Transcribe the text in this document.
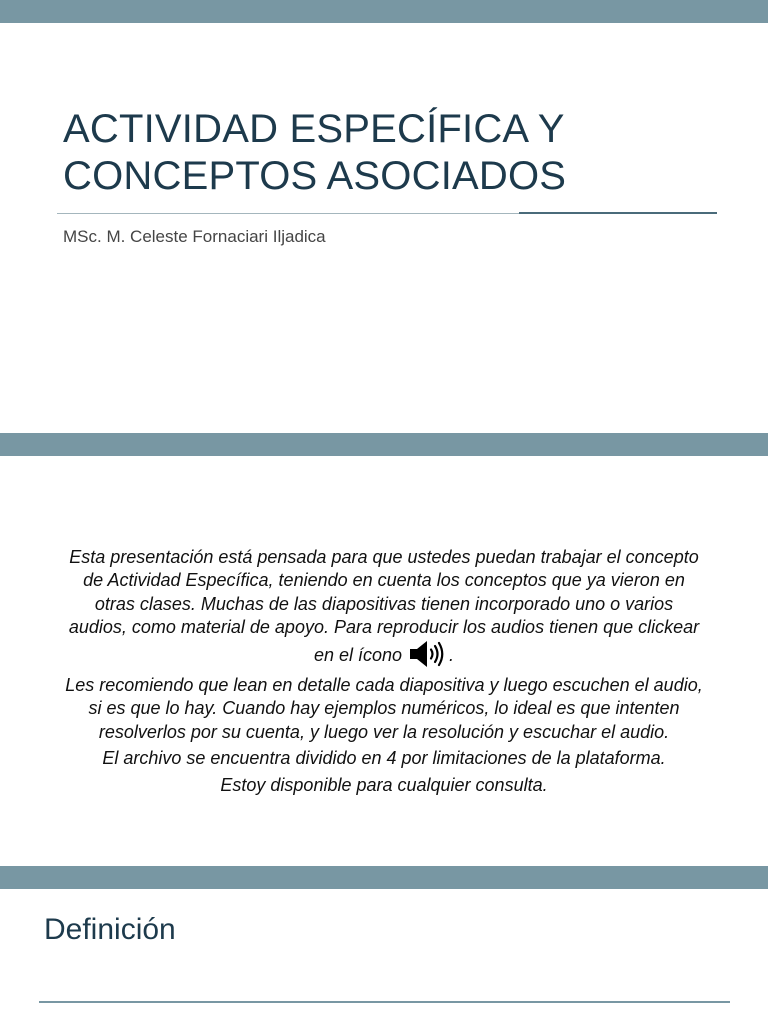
ACTIVIDAD ESPECÍFICA Y
CONCEPTOS ASOCIADOS
MSc. M. Celeste Fornaciari Iljadica

Esta presentación está pensada para que ustedes puedan trabajar el concepto
de Actividad Específica, teniendo en cuenta los conceptos que ya vieron en
otras clases. Muchas de las diapositivas tienen incorporado uno o varios
audios, como material de apoyo. Para reproducir los audios tienen que clickear
en el ícono	.

Les recomiendo que lean en detalle cada diapositiva y luego escuchen el audio,
si es que lo hay. Cuando hay ejemplos numéricos, lo ideal es que intenten
resolverlos por su cuenta, y luego ver la resolución y escuchar el audio.

El archivo se encuentra dividido en 4 por limitaciones de la plataforma.

Estoy disponible para cualquier consulta.

Definición
